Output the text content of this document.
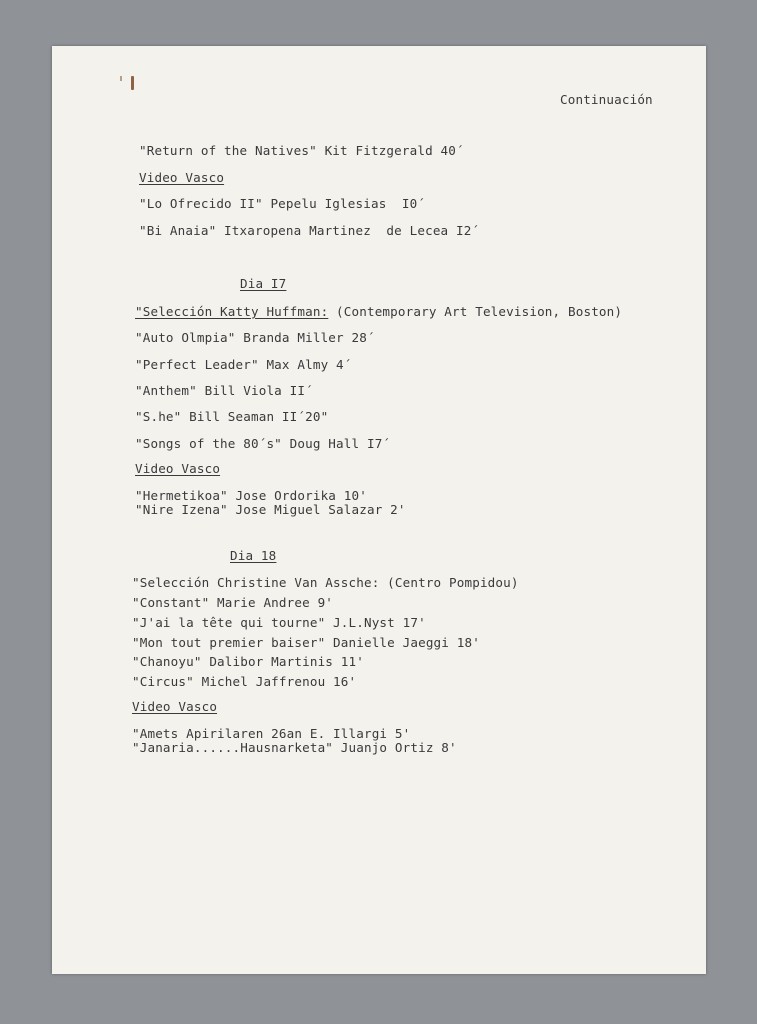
Continuación
"Return of the Natives" Kit Fitzgerald 40´
Video Vasco
"Lo Ofrecido II" Pepelu Iglesias  I0´
"Bi Anaia" Itxaropena Martinez  de Lecea I2´
Dia I7
"Selección Katty Huffman: (Contemporary Art Television, Boston)
"Auto Olmpia" Branda Miller 28´
"Perfect Leader" Max Almy 4´
"Anthem" Bill Viola II´
"S.he" Bill Seaman II´20"
"Songs of the 80´s" Doug Hall I7´
Video Vasco
"Hermetikoa" Jose Ordorika 10'
"Nire Izena" Jose Miguel Salazar 2'
Dia 18
"Selección Christine Van Assche: (Centro Pompidou)
"Constant" Marie Andree 9'
"J'ai la tête qui tourne" J.L.Nyst 17'
"Mon tout premier baiser" Danielle Jaeggi 18'
"Chanoyu" Dalibor Martinis 11'
"Circus" Michel Jaffrenou 16'
Video Vasco
"Amets Apirilaren 26an E. Illargi 5'
"Janaria......Hausnarketa" Juanjo Ortiz 8'
